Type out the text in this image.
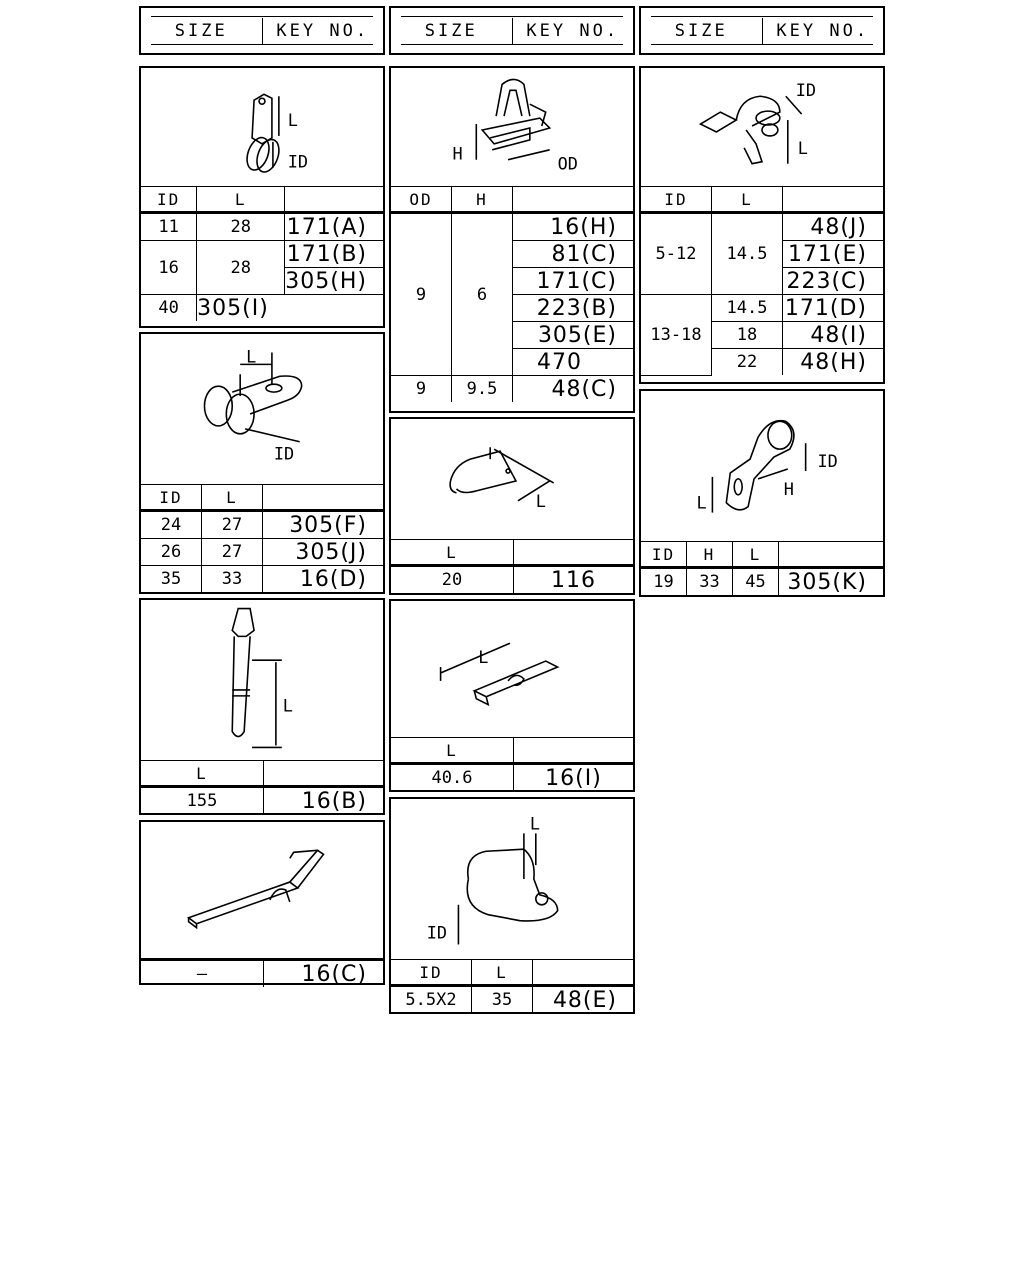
SIZE	KEY NO.	SIZE	KEY NO.	SIZE	KEY NO.
L
ID
ID	L	
11	28	171(A)
16	28	171(B)
		305(H)
40	305(I)	
L
ID
ID	L	
24	27	305(F)
26	27	305(J)
35	33	16(D)
L
L	
155	16(B)
—	16(C)
H	OD
OD	H	
9	6	16(H)
		81(C)
		171(C)
		223(B)
		305(E)
		470
9	9.5	48(C)
L
L	
20	116
L
L	
40.6	16(I)
L
ID
ID	L	
5.5X2	35	48(E)
ID
L
ID	L	
5-12	14.5	48(J)
		171(E)
		223(C)
13-18	14.5	171(D)
	18	48(I)
	22	48(H)
ID
H
L
ID	H	L	
19	33	45	305(K)
